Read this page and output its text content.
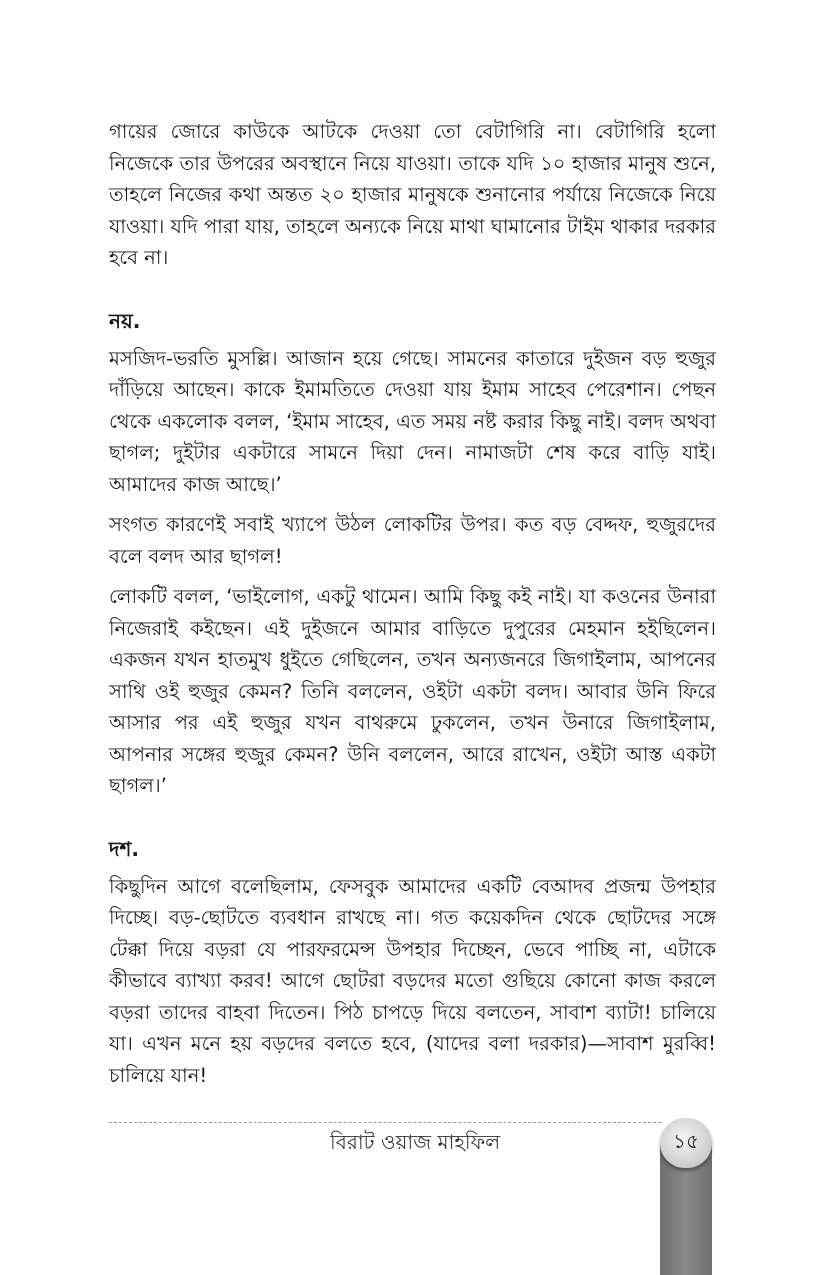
গায়ের জোরে কাউকে আটকে দেওয়া তো বেটাগিরি না। বেটাগিরি হলো নিজেকে তার উপরের অবস্থানে নিয়ে যাওয়া। তাকে যদি ১০ হাজার মানুষ শুনে, তাহলে নিজের কথা অন্তত ২০ হাজার মানুষকে শুনানোর পর্যায়ে নিজেকে নিয়ে যাওয়া। যদি পারা যায়, তাহলে অন্যকে নিয়ে মাথা ঘামানোর টাইম থাকার দরকার হবে না।

নয়.

মসজিদ-ভরতি মুসল্লি। আজান হয়ে গেছে। সামনের কাতারে দুইজন বড় হুজুর দাঁড়িয়ে আছেন। কাকে ইমামতিতে দেওয়া যায় ইমাম সাহেব পেরেশান। পেছন থেকে একলোক বলল, ‘ইমাম সাহেব, এত সময় নষ্ট করার কিছু নাই। বলদ অথবা ছাগল; দুইটার একটারে সামনে দিয়া দেন। নামাজটা শেষ করে বাড়ি যাই। আমাদের কাজ আছে।’

সংগত কারণেই সবাই খ্যাপে উঠল লোকটির উপর। কত বড় বেদ্দফ, হুজুরদের বলে বলদ আর ছাগল!

লোকটি বলল, ‘ভাইলোগ, একটু থামেন। আমি কিছু কই নাই। যা কওনের উনারা নিজেরাই কইছেন। এই দুইজনে আমার বাড়িতে দুপুরের মেহমান হইছিলেন। একজন যখন হাতমুখ ধুইতে গেছিলেন, তখন অন্যজনরে জিগাইলাম, আপনের সাথি ওই হুজুর কেমন? তিনি বললেন, ওইটা একটা বলদ। আবার উনি ফিরে আসার পর এই হুজুর যখন বাথরুমে ঢুকলেন, তখন উনারে জিগাইলাম, আপনার সঙ্গের হুজুর কেমন? উনি বললেন, আরে রাখেন, ওইটা আস্ত একটা ছাগল।’

দশ.

কিছুদিন আগে বলেছিলাম, ফেসবুক আমাদের একটি বেআদব প্রজন্ম উপহার দিচ্ছে। বড়-ছোটতে ব্যবধান রাখছে না। গত কয়েকদিন থেকে ছোটদের সঙ্গে টেক্কা দিয়ে বড়রা যে পারফরমেন্স উপহার দিচ্ছেন, ভেবে পাচ্ছি না, এটাকে কীভাবে ব্যাখ্যা করব! আগে ছোটরা বড়দের মতো গুছিয়ে কোনো কাজ করলে বড়রা তাদের বাহবা দিতেন। পিঠ চাপড়ে দিয়ে বলতেন, সাবাশ ব্যাটা! চালিয়ে যা। এখন মনে হয় বড়দের বলতে হবে, (যাদের বলা দরকার)—সাবাশ মুরব্বি! চালিয়ে যান!

বিরাট ওয়াজ মাহফিল	১৫
